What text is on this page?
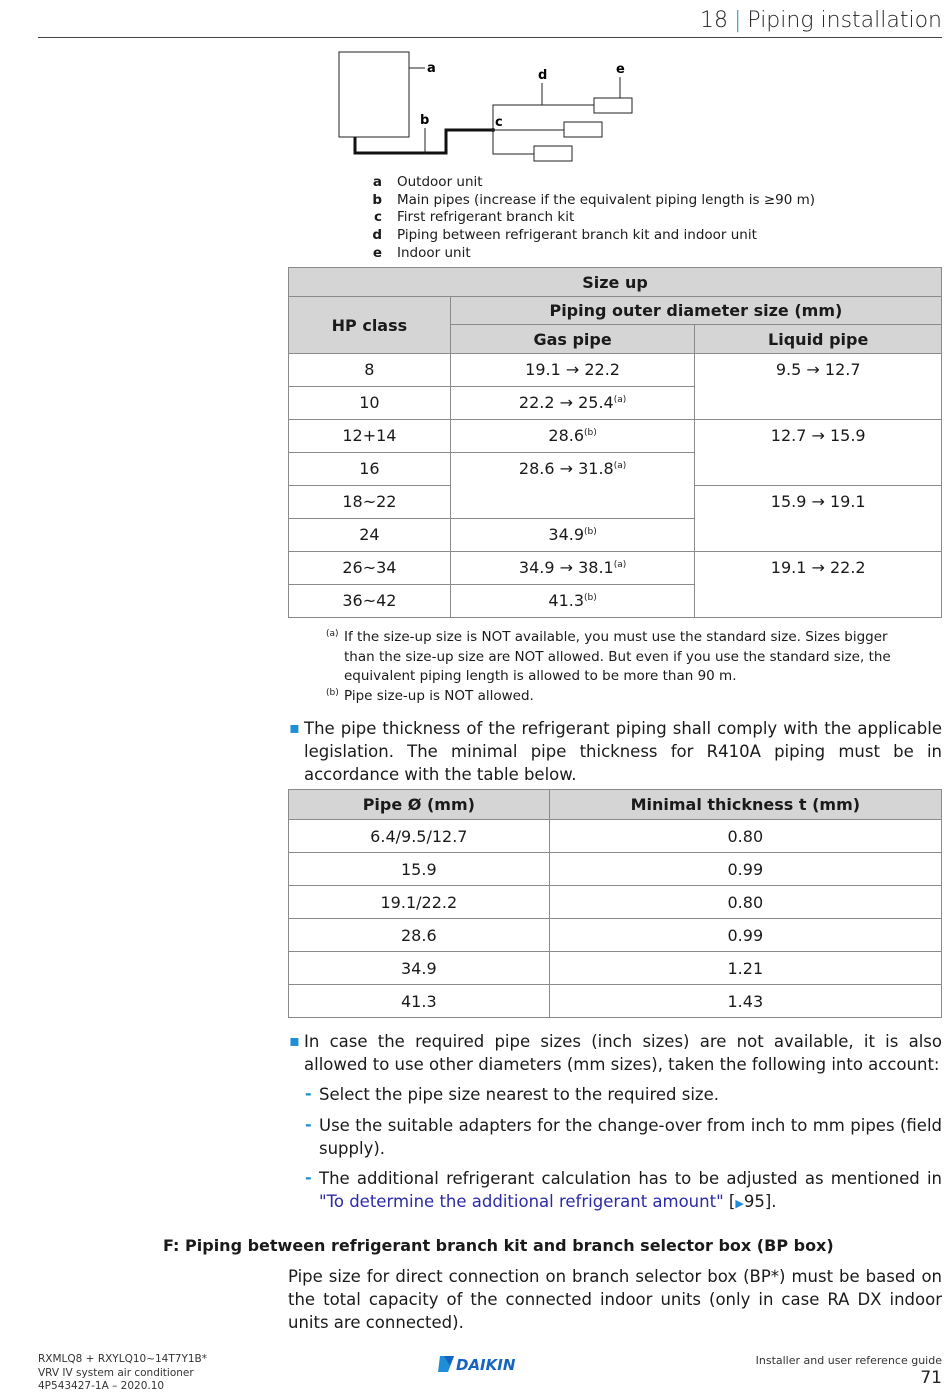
18 | Piping installation
a
b	c
d	e
a Outdoor unit
b Main pipes (increase if the equivalent piping length is ≥90 m)
c First refrigerant branch kit
d Piping between refrigerant branch kit and indoor unit
e Indoor unit
Size up		
HP class	Piping outer diameter size (mm)	
	Gas pipe	Liquid pipe
8	19.1 → 22.2	9.5 → 12.7
10	$22.2 \to 25.4^{(a)}$
12+14	28.6$^{(b)}$	12.7 → 15.9
16	$28.6 \to 31.8^{(a)}$
18~22		15.9 → 19.1
24	34.9$^{(b)}$
26~34	$34.9 \to 38.1^{(a)}$	19.1 → 22.2
36~42	41.3$^{(b)}$
(a) If the size-up size is NOT available, you must use the standard size. Sizes bigger than the size-up size are NOT allowed. But even if you use the standard size, the equivalent piping length is allowed to be more than 90 m.
(b) Pipe size-up is NOT allowed.
▪ The pipe thickness of the refrigerant piping shall comply with the applicable legislation. The minimal pipe thickness for R410A piping must be in accordance with the table below.
Pipe Ø (mm)	Minimal thickness t (mm)
6.4/9.5/12.7	0.80
15.9	0.99
19.1/22.2	0.80
28.6	0.99
34.9	1.21
41.3	1.43
▪ In case the required pipe sizes (inch sizes) are not available, it is also allowed to use other diameters (mm sizes), taken the following into account:
- Select the pipe size nearest to the required size.
- Use the suitable adapters for the change-over from inch to mm pipes (field supply).
- The additional refrigerant calculation has to be adjusted as mentioned in "To determine the additional refrigerant amount" [▶95].
F: Piping between refrigerant branch kit and branch selector box (BP box)
Pipe size for direct connection on branch selector box (BP*) must be based on the total capacity of the connected indoor units (only in case RA DX indoor units are connected).
RXMLQ8 + RXYLQ10~14T7Y1B*
VRV IV system air conditioner
4P543427-1A – 2020.10
DAIKIN	Installer and user reference guide
71
